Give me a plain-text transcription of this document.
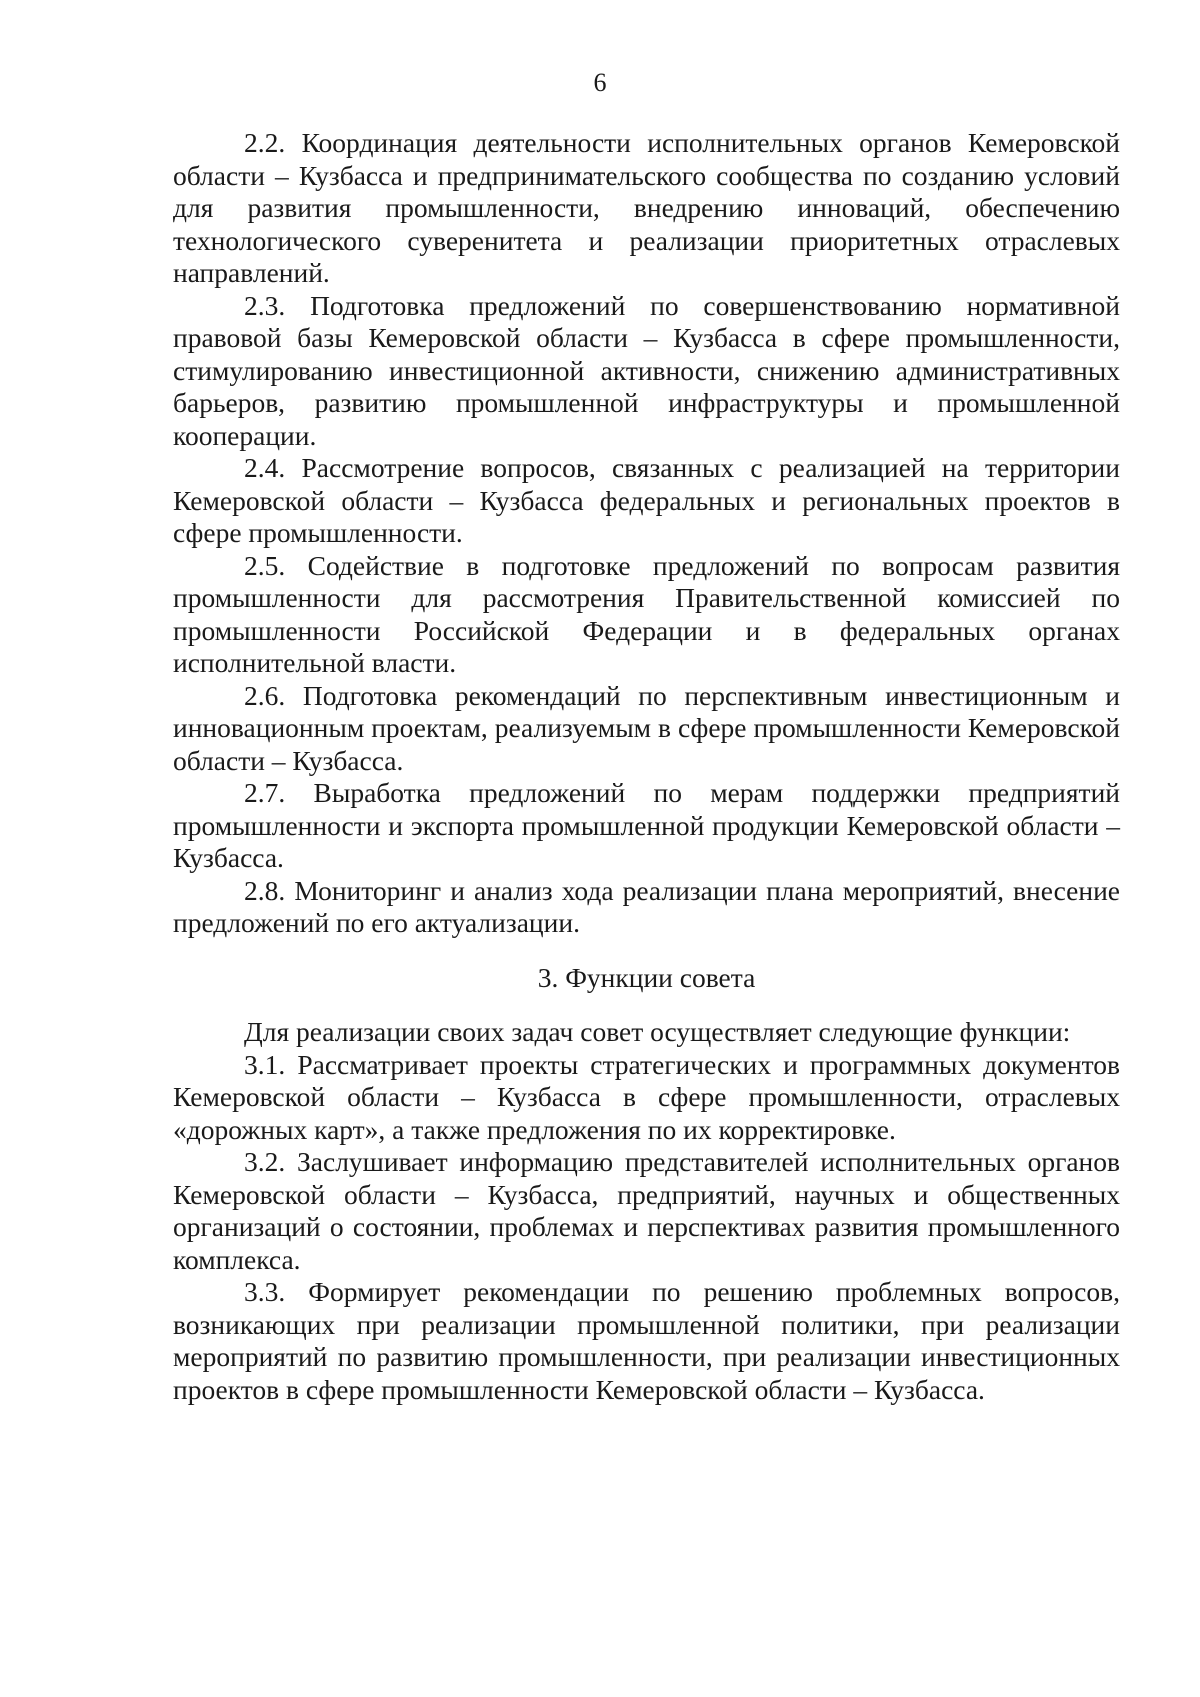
6

2.2. Координация деятельности исполнительных органов Кемеровской области – Кузбасса и предпринимательского сообщества по созданию условий для развития промышленности, внедрению инноваций, обеспечению технологического суверенитета и реализации приоритетных отраслевых направлений.

2.3. Подготовка предложений по совершенствованию нормативной правовой базы Кемеровской области – Кузбасса в сфере промышленности, стимулированию инвестиционной активности, снижению административных барьеров, развитию промышленной инфраструктуры и промышленной кооперации.

2.4. Рассмотрение вопросов, связанных с реализацией на территории Кемеровской области – Кузбасса федеральных и региональных проектов в сфере промышленности.

2.5. Содействие в подготовке предложений по вопросам развития промышленности для рассмотрения Правительственной комиссией по промышленности Российской Федерации и в федеральных органах исполнительной власти.

2.6. Подготовка рекомендаций по перспективным инвестиционным и инновационным проектам, реализуемым в сфере промышленности Кемеровской области – Кузбасса.

2.7. Выработка предложений по мерам поддержки предприятий промышленности и экспорта промышленной продукции Кемеровской области – Кузбасса.

2.8. Мониторинг и анализ хода реализации плана мероприятий, внесение предложений по его актуализации.

3. Функции совета

Для реализации своих задач совет осуществляет следующие функции:

3.1. Рассматривает проекты стратегических и программных документов Кемеровской области – Кузбасса в сфере промышленности, отраслевых «дорожных карт», а также предложения по их корректировке.

3.2. Заслушивает информацию представителей исполнительных органов Кемеровской области – Кузбасса, предприятий, научных и общественных организаций о состоянии, проблемах и перспективах развития промышленного комплекса.

3.3. Формирует рекомендации по решению проблемных вопросов, возникающих при реализации промышленной политики, при реализации мероприятий по развитию промышленности, при реализации инвестиционных проектов в сфере промышленности Кемеровской области – Кузбасса.
